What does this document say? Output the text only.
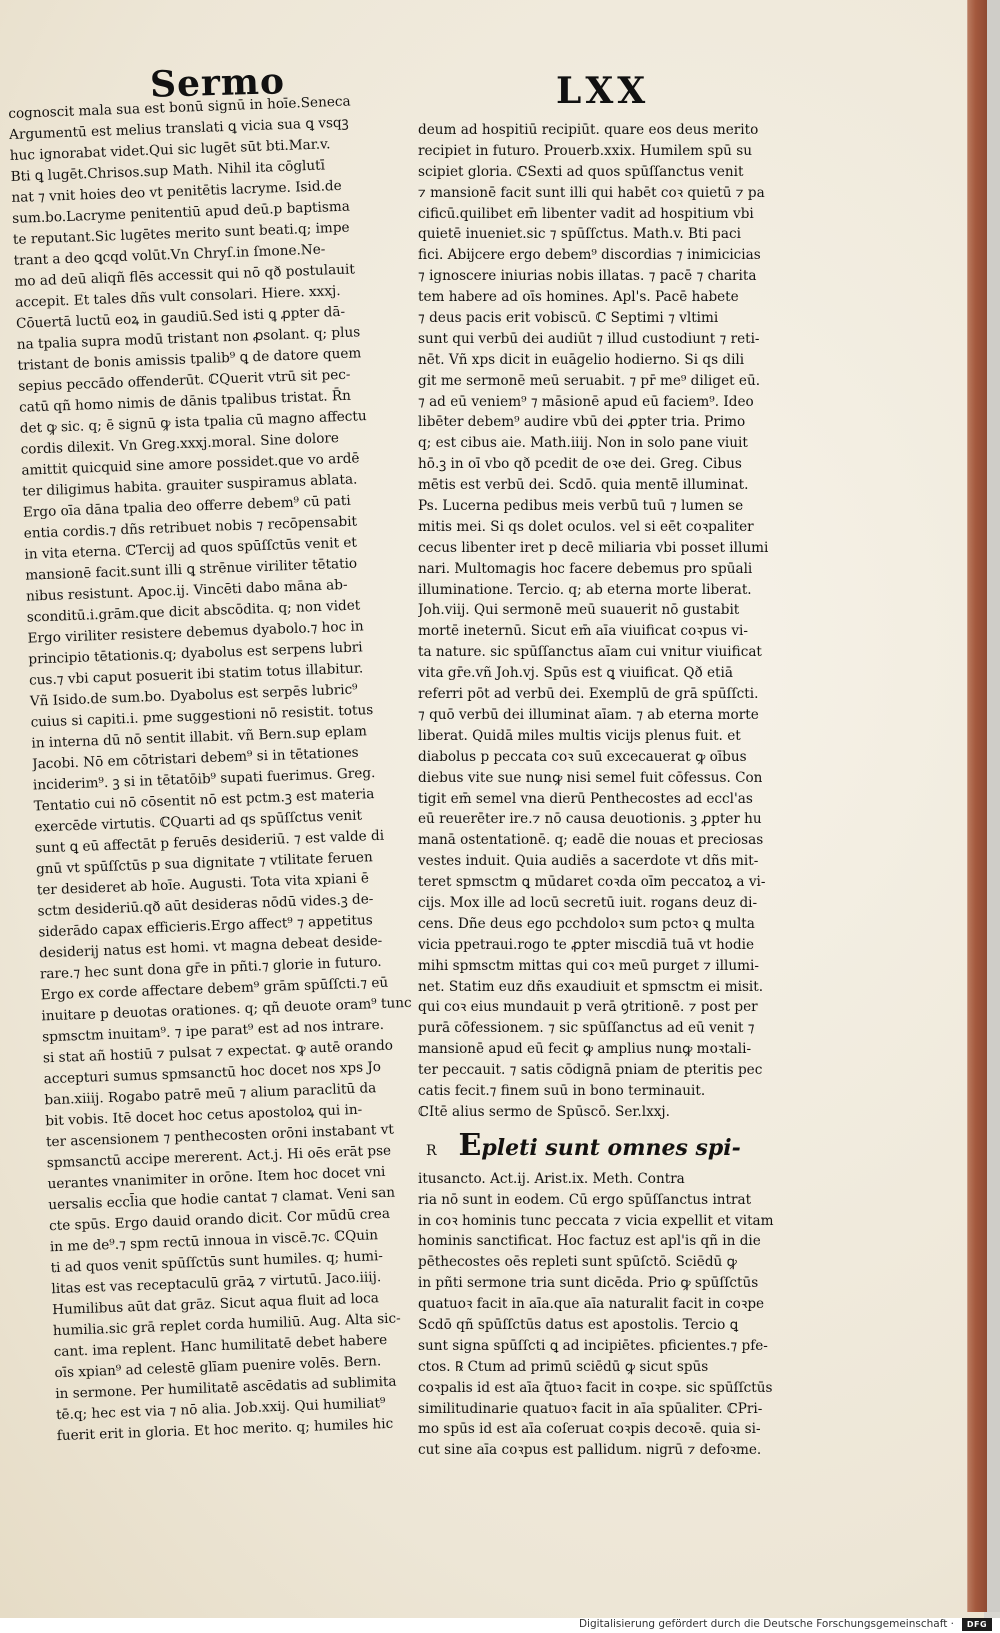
Sermo	LXX
cognoscit mala sua est bonū signū in hoīe.Seneca
Argumentū est melius translati ꝗ vicia sua ꝗ vsqꝫ
huc ignorabat videt.Qui sic lugēt sūt bti.Mar.v.
Bti ꝗ lugēt.Chrisos.sup Math. Nihil ita cōglutī
nat ⁊ vnit hoies deo vt penitētis lacryme. Isid.de
sum.bo.Lacryme penitentiū apud deū.p baptisma
te reputant.Sic lugētes merito sunt beati.q; impe
trant a deo ꝗcqd volūt.Vn Chryſ.in ſmone.Ne-
mo ad deū aliqñ flēs accessit qui nō qð postulauit
accepit. Et tales dñs vult consolari. Hiere. xxxj.
Cōuertā luctū eoꝝ in gaudiū.Sed isti ꝗ ꝓpter dā-
na tpalia supra modū tristant non ꝓsolant. q; plus
tristant de bonis amissis tpalib⁹ ꝗ de datore quem
sepius peccādo offenderūt. ℂQuerit vtrū sit pec-
catū qñ homo nimis de dānis tpalibus tristat. R̄n
det ꝙ sic. q; ē signū ꝙ ista tpalia cū magno affectu
cordis dilexit. Vn Greg.xxxj.moral. Sine dolore
amittit quicquid sine amore possidet.que vo ardē
ter diligimus habita. grauiter suspiramus ablata.
Ergo oīa dāna tpalia deo offerre debem⁹ cū pati
entia cordis.⁊ dñs retribuet nobis ⁊ recōpensabit
in vita eterna. ℂTercij ad quos spūſſctūs venit et
mansionē facit.sunt illi ꝗ strēnue viriliter tētatio
nibus resistunt. Apoc.ij. Vincēti dabo māna ab-
sconditū.i.grām.que dicit abscōdita. q; non videt
Ergo viriliter resistere debemus dyabolo.⁊ hoc in
principio tētationis.q; dyabolus est serpens lubri
cus.⁊ vbi caput posuerit ibi statim totus illabitur.
Vñ Isido.de sum.bo. Dyabolus est serpēs lubric⁹
cuius si capiti.i. pme suggestioni nō resistit. totus
in interna dū nō sentit illabit. vñ Bern.sup eplam
Jacobi. Nō em cōtristari debem⁹ si in tētationes
inciderim⁹. ꝫ si in tētatōib⁹ supati fuerimus. Greg.
Tentatio cui nō cōsentit nō est pctm.ꝫ est materia
exercēde virtutis. ℂQuarti ad qs spūſſctus venit
sunt ꝗ eū affectāt p feruēs desideriū. ⁊ est valde di
gnū vt spūſſctūs p sua dignitate ⁊ vtilitate feruen
ter desideret ab hoīe. Augusti. Tota vita xpiani ē
sctm desideriū.qð aūt desideras nōdū vides.ꝫ de-
siderādo capax efficieris.Ergo affect⁹ ⁊ appetitus
desiderij natus est homi. vt magna debeat deside-
rare.⁊ hec sunt dona gr̄e in pñti.⁊ glorie in futuro.
Ergo ex corde affectare debem⁹ grām spūſſcti.⁊ eū
inuitare p deuotas orationes. q; qñ deuote oram⁹ tunc
spmsctm inuitam⁹. ⁊ ipe parat⁹ est ad nos intrare.
si stat añ hostiū ⁊ pulsat ⁊ expectat. ꝙ autē orando
accepturi sumus spmsanctū hoc docet nos xps Jo
ban.xiiij. Rogabo patrē meū ⁊ alium paraclitū da
bit vobis. Itē docet hoc cetus apostoloꝝ qui in-
ter ascensionem ⁊ penthecosten orōni instabant vt
spmsanctū accipe mererent. Act.j. Hi oēs erāt pse
uerantes vnanimiter in orōne. Item hoc docet vni
uersalis eccl̄ia que hodie cantat ⁊ clamat. Veni san
cte spūs. Ergo dauid orando dicit. Cor mūdū crea
in me de⁹.⁊ spm rectū innoua in viscē.⁊c. ℂQuin
ti ad quos venit spūſſctūs sunt humiles. q; humi-
litas est vas receptaculū grāꝝ ⁊ virtutū. Jaco.iiij.
Humilibus aūt dat grāz. Sicut aqua fluit ad loca
humilia.sic grā replet corda humiliū. Aug. Alta sic-
cant. ima replent. Hanc humilitatē debet habere
oīs xpian⁹ ad celestē glīam puenire volēs. Bern.
in sermone. Per humilitatē ascēdatis ad sublimita
tē.q; hec est via ⁊ nō alia. Job.xxij. Qui humiliat⁹
fuerit erit in gloria. Et hoc merito. q; humiles hic
deum ad hospitiū recipiūt. quare eos deus merito
recipiet in futuro. Prouerb.xxix. Humilem spū su
scipiet gloria. ℂSexti ad quos spūſſanctus venit
⁊ mansionē facit sunt illi qui habēt coꝛ quietū ⁊ pa
cificū.quilibet em̄ libenter vadit ad hospitium vbi
quietē inueniet.sic ⁊ spūſſctus. Math.v. Bti paci
fici. Abijcere ergo debem⁹ discordias ⁊ inimicicias
⁊ ignoscere iniurias nobis illatas. ⁊ pacē ⁊ charita
tem habere ad oīs homines. Apl's. Pacē habete
⁊ deus pacis erit vobiscū. ℂ Septimi ⁊ vltimi
sunt qui verbū dei audiūt ⁊ illud custodiunt ⁊ reti-
nēt. Vñ xps dicit in euāgelio hodierno. Si qs dili
git me sermonē meū seruabit. ⁊ pr̄ me⁹ diliget eū.
⁊ ad eū veniem⁹ ⁊ māsionē apud eū faciem⁹. Ideo
libēter debem⁹ audire vbū dei ꝓpter tria. Primo
q; est cibus aie. Math.iiij. Non in solo pane viuit
hō.ꝫ in oī vbo qð pcedit de oꝛe dei. Greg. Cibus
mētis est verbū dei. Scdō. quia mentē illuminat.
Ps. Lucerna pedibus meis verbū tuū ⁊ lumen se
mitis mei. Si qs dolet oculos. vel si eēt coꝛpaliter
cecus libenter iret p decē miliaria vbi posset illumi
nari. Multomagis hoc facere debemus pro spūali
illuminatione. Tercio. q; ab eterna morte liberat.
Joh.viij. Qui sermonē meū suauerit nō gustabit
mortē ineternū. Sicut em̄ aīa viuificat coꝛpus vi-
ta nature. sic spūſſanctus aīam cui vnitur viuificat
vita gr̄e.vñ Joh.vj. Spūs est ꝗ viuificat. Qð etiā
referri pōt ad verbū dei. Exemplū de grā spūſſcti.
⁊ quō verbū dei illuminat aīam. ⁊ ab eterna morte
liberat. Quidā miles multis vicijs plenus fuit. et
diabolus p peccata coꝛ suū excecauerat ꝙ oībus
diebus vite sue nunꝙ nisi semel fuit cōfessus. Con
tigit em̄ semel vna dierū Penthecostes ad eccl'as
eū reuerēter ire.⁊ nō causa deuotionis. ꝫ ꝓpter hu
manā ostentationē. q; eadē die nouas et preciosas
vestes induit. Quia audiēs a sacerdote vt dñs mit-
teret spmsctm ꝗ mūdaret coꝛda oīm peccatoꝝ a vi-
cijs. Mox ille ad locū secretū iuit. rogans deuz di-
cens. Dñe deus ego pcchdoloꝛ sum pctoꝛ ꝗ multa
vicia ppetraui.rogo te ꝓpter miscdiā tuā vt hodie
mihi spmsctm mittas qui coꝛ meū purget ⁊ illumi-
net. Statim euz dñs exaudiuit et spmsctm ei misit.
qui coꝛ eius mundauit p verā ꝯtritionē. ⁊ post per
purā cōfessionem. ⁊ sic spūſſanctus ad eū venit ⁊
mansionē apud eū fecit ꝙ amplius nunꝙ moꝛtali-
ter peccauit. ⁊ satis cōdignā pniam de pteritis pec
catis fecit.⁊ finem suū in bono terminauit.
ℂItē alius sermo de Spūscō. Ser.lxxj.
R Epleti sunt omnes spi-
itusancto. Act.ij. Arist.ix. Meth. Contra
ria nō sunt in eodem. Cū ergo spūſſanctus intrat
in coꝛ hominis tunc peccata ⁊ vicia expellit et vitam
hominis sanctificat. Hoc factuz est apl'is qñ in die
pēthecostes oēs repleti sunt spūſctō. Sciēdū ꝙ
in pñti sermone tria sunt dicēda. Prio ꝙ spūſſctūs
quatuoꝛ facit in aīa.que aīa naturalit facit in coꝛpe
Scdō qñ spūſſctūs datus est apostolis. Tercio ꝗ
sunt signa spūſſcti ꝗ ad incipiētes. pficientes.⁊ pfe-
ctos. ℞ Ctum ad primū sciēdū ꝙ sicut spūs
coꝛpalis id est aīa q̄tuoꝛ facit in coꝛpe. sic spūſſctūs
similitudinarie quatuoꝛ facit in aīa spūaliter. ℂPri-
mo spūs id est aīa coſeruat coꝛpis decoꝛē. quia si-
cut sine aīa coꝛpus est pallidum. nigrū ⁊ defoꝛme.
Digitalisierung gefördert durch die Deutsche Forschungsgemeinschaft ·	DFG
